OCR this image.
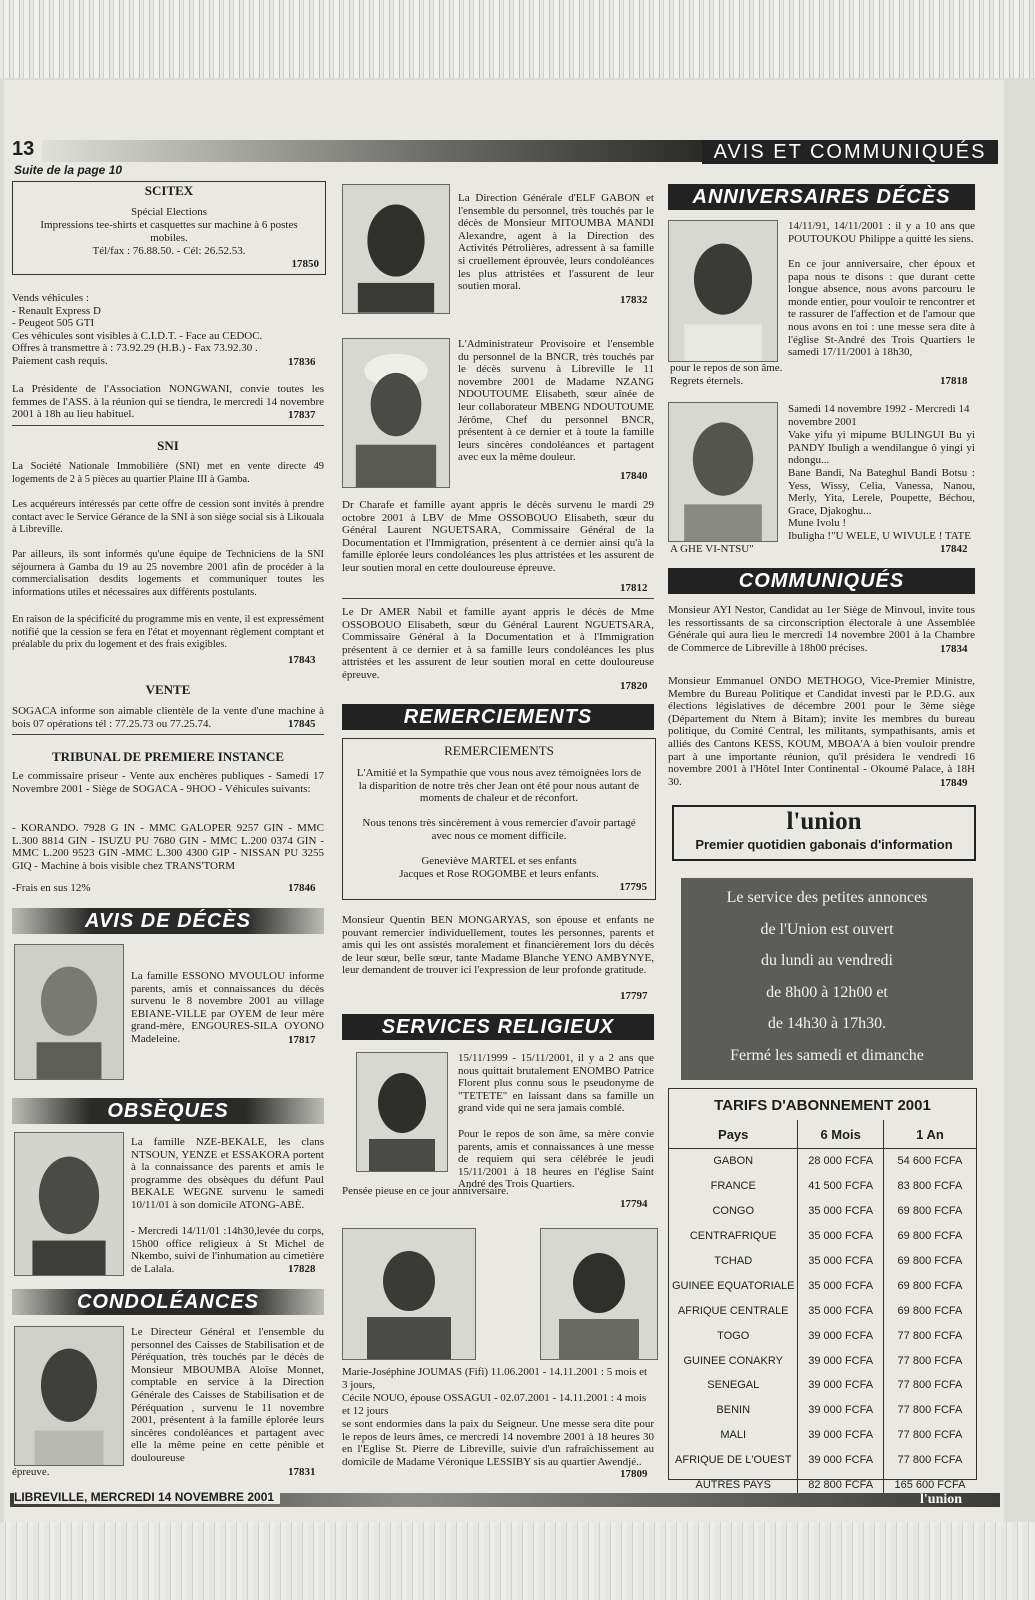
13	AVIS ET COMMUNIQUÉS
Suite de la page 10
SCITEX
Spécial Elections
Impressions tee-shirts et casquettes sur machine à 6 postes mobiles.
Tél/fax : 76.88.50. - Cél: 26.52.53.
17850
Vends véhicules :
- Renault Express D
- Peugeot 505 GTI
Ces véhicules sont visibles à C.I.D.T. - Face au CEDOC.
Offres à transmettre à : 73.92.29 (H.B.) - Fax 73.92.30 .
Paiement cash requis.	17836
La Présidente de l'Association NONGWANI, convie toutes les femmes de l'ASS. à la réunion qui se tiendra, le mercredi 14 novembre 2001 à 18h au lieu habituel.	17837
SNI
La Société Nationale Immobilière (SNI) met en vente directe 49 logements de 2 à 5 pièces au quartier Plaine III à Gamba.
Les acquéreurs intéressés par cette offre de cession sont invités à prendre contact avec le Service Gérance de la SNI à son siège social sis à Likouala à Libreville.
Par ailleurs, ils sont informés qu'une équipe de Techniciens de la SNI séjournera à Gamba du 19 au 25 novembre 2001 afin de procéder à la commercialisation desdits logements et communiquer toutes les informations utiles et nécessaires aux différents postulants.
En raison de la spécificité du programme mis en vente, il est expressément notifié que la cession se fera en l'état et moyennant règlement comptant et préalable du prix du logement et des frais exigibles.
17843
VENTE
SOGACA informe son aimable clientèle de la vente d'une machine à bois 07 opérations tél : 77.25.73 ou 77.25.74.	17845
TRIBUNAL DE PREMIERE INSTANCE
Le commissaire priseur - Vente aux enchères publiques - Samedi 17 Novembre 2001 - Siège de SOGACA - 9HOO - Véhicules suivants:
- KORANDO. 7928 G IN - MMC GALOPER 9257 GIN - MMC L.300 8814 GIN - ISUZU PU 7680 GIN - MMC L.200 0374 GIN - MMC L.200 9523 GIN -MMC L.300 4300 GIP - NISSAN PU 3255 GIQ - Machine à bois visible chez TRANS'TORM
-Frais en sus 12%	17846
AVIS DE DÉCÈS
La famille ESSONO MVOULOU informe parents, amis et connaissances du décès survenu le 8 novembre 2001 au village EBIANE-VILLE par OYEM de leur mère grand-mère, ENGOURES-SILA OYONO Madeleine.	17817
OBSÈQUES
La famille NZE-BEKALE, les clans NTSOUN, YENZE et ESSAKORA portent à la connaissance des parents et amis le programme des obsèques du défunt Paul BEKALE WEGNE survenu le samedi 10/11/01 à son domicile ATONG-ABÈ.
- Mercredi 14/11/01 :14h30,levée du corps, 15h00 office religieux à St Michel de Nkembo, suivi de l'inhumation au cimetière de Lalala.	17828
CONDOLÉANCES
Le Directeur Général et l'ensemble du personnel des Caisses de Stabilisation et de Péréquation, très touchés par le décès de Monsieur MBOUMBA Aloïse Monnet, comptable en service à la Direction Générale des Caisses de Stabilisation et de Péréquation , survenu le 11 novembre 2001, présentent à la famille éplorée leurs sincères condoléances et partagent avec elle la même peine en cette pénible et douloureuse
épreuve.	17831
La Direction Générale d'ELF GABON et l'ensemble du personnel, très touchés par le décès de Monsieur MITOUMBA MANDI Alexandre, agent à la Direction des Activités Pétrolières, adressent à sa famille si cruellement éprouvée, leurs condoléances les plus attristées et l'assurent de leur soutien moral.
17832
L'Administrateur Provisoire et l'ensemble du personnel de la BNCR, très touchés par le décès survenu à Libreville le 11 novembre 2001 de Madame NZANG NDOUTOUME Elisabeth, sœur aînée de leur collaborateur MBENG NDOUTOUME Jérôme, Chef du personnel BNCR, présentent à ce dernier et à toute la famille leurs sincères condoléances et partagent avec eux la même douleur.
17840
Dr Charafe et famille ayant appris le décès survenu le mardi 29 octobre 2001 à LBV de Mme OSSOBOUO Elisabeth, sœur du Général Laurent NGUETSARA, Commissaire Général de la Documentation et l'Immigration, présentent à ce dernier ainsi qu'à la famille éplorée leurs condoléances les plus attristées et les assurent de leur soutien moral en cette douloureuse épreuve.
17812
Le Dr AMER Nabil et famille ayant appris le décès de Mme OSSOBOUO Elisabeth, sœur du Général Laurent NGUETSARA, Commissaire Général à la Documentation et à l'Immigration présentent à ce dernier et à sa famille leurs condoléances les plus attristées et les assurent de leur soutien moral en cette douloureuse épreuve.
17820
REMERCIEMENTS
REMERCIEMENTS
L'Amitié et la Sympathie que vous nous avez témoignées lors de la disparition de notre très cher Jean ont été pour nous autant de moments de chaleur et de réconfort.
Nous tenons très sincèrement à vous remercier d'avoir partagé avec nous ce moment difficile.
Geneviève MARTEL et ses enfants
Jacques et Rose ROGOMBE et leurs enfants.
17795
Monsieur Quentin BEN MONGARYAS, son épouse et enfants ne pouvant remercier individuellement, toutes les personnes, parents et amis qui les ont assistés moralement et financièrement lors du décès de leur sœur, belle sœur, tante Madame Blanche YENO AMBYNYE, leur demandent de trouver ici l'expression de leur profonde gratitude.
17797
SERVICES RELIGIEUX
15/11/1999 - 15/11/2001, il y a 2 ans que nous quittait brutalement ENOMBO Patrice Florent plus connu sous le pseudonyme de "TETETE" en laissant dans sa famille un grand vide qui ne sera jamais comblé.
Pour le repos de son âme, sa mère convie parents, amis et connaissances à une messe de requiem qui sera célébrée le jeudi 15/11/2001 à 18 heures en l'église Saint André des Trois Quartiers.
Pensée pieuse en ce jour anniversaire.
17794
Marie-Joséphine JOUMAS (Fifi) 11.06.2001 - 14.11.2001 : 5 mois et 3 jours,
Cécile NOUO, épouse OSSAGUI - 02.07.2001 - 14.11.2001 : 4 mois et 12 jours
se sont endormies dans la paix du Seigneur. Une messe sera dite pour le repos de leurs âmes, ce mercredi 14 novembre 2001 à 18 heures 30 en l'Eglise St. Pierre de Libreville, suivie d'un rafraîchissement au domicile de Madame Véronique LESSIBY sis au quartier Awendjé..
17809
ANNIVERSAIRES DÉCÈS
14/11/91, 14/11/2001 : il y a 10 ans que POUTOUKOU Philippe a quitté les siens.
En ce jour anniversaire, cher époux et papa nous te disons : que durant cette longue absence, nous avons parcouru le monde entier, pour vouloir te rencontrer et te rassurer de l'affection et de l'amour que nous avons en toi : une messe sera dite à l'église St-André des Trois Quartiers le samedi 17/11/2001 à 18h30,
pour le repos de son âme.
Regrets éternels.	17818
Samedi 14 novembre 1992 - Mercredi 14 novembre 2001
Vake yifu yi mipume BULINGUI Bu yi PANDY Ibuligh a wendilangue ô yingi yi ndongu...
Bane Bandi, Na Bateghul Bandi Botsu : Yess, Wissy, Celia, Vanessa, Nanou, Merly, Yita, Lerele, Poupette, Béchou, Grace, Djakoghu...
Mune Ivolu !
Ibuligha !"U WELE, U WIVULE ! TATE
A GHE VI-NTSU"	17842
COMMUNIQUÉS
Monsieur AYI Nestor, Candidat au 1er Siège de Minvoul, invite tous les ressortissants de sa circonscription électorale à une Assemblée Générale qui aura lieu le mercredi 14 novembre 2001 à la Chambre de Commerce de Libreville à 18h00 précises.	17834
Monsieur Emmanuel ONDO METHOGO, Vice-Premier Ministre, Membre du Bureau Politique et Candidat investi par le P.D.G. aux élections législatives de décembre 2001 pour le 3ème siège (Département du Ntem à Bitam); invite les membres du bureau politique, du Comité Central, les militants, sympathisants, amis et alliés des Cantons KESS, KOUM, MBOA'A à bien vouloir prendre part à une importante réunion, qu'il présidera le vendredi 16 novembre 2001 à l'Hôtel Inter Continental - Okoumé Palace, à 18H 30.	17849
l'union
Premier quotidien gabonais d'information
Le service des petites annonces
de l'Union est ouvert
du lundi au vendredi
de 8h00 à 12h00 et
de 14h30 à 17h30.
Fermé les samedi et dimanche
TARIFS D'ABONNEMENT 2001
Pays	6 Mois	1 An
GABON	28 000 FCFA	54 600 FCFA
FRANCE	41 500 FCFA	83 800 FCFA
CONGO	35 000 FCFA	69 800 FCFA
CENTRAFRIQUE	35 000 FCFA	69 800 FCFA
TCHAD	35 000 FCFA	69 800 FCFA
GUINEE EQUATORIALE	35 000 FCFA	69 800 FCFA
AFRIQUE CENTRALE	35 000 FCFA	69 800 FCFA
TOGO	39 000 FCFA	77 800 FCFA
GUINEE CONAKRY	39 000 FCFA	77 800 FCFA
SENEGAL	39 000 FCFA	77 800 FCFA
BENIN	39 000 FCFA	77 800 FCFA
MALI	39 000 FCFA	77 800 FCFA
AFRIQUE DE L'OUEST	39 000 FCFA	77 800 FCFA
AUTRES PAYS	82 800 FCFA	165 600 FCFA
LIBREVILLE, MERCREDI 14 NOVEMBRE 2001	l'union
